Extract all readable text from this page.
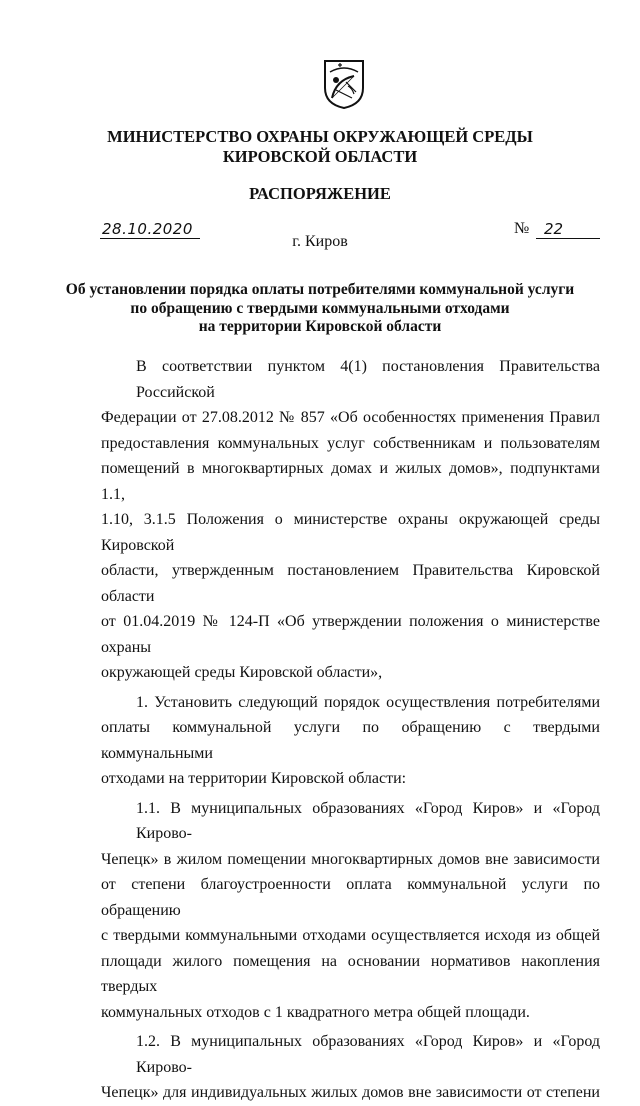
МИНИСТЕРСТВО ОХРАНЫ ОКРУЖАЮЩЕЙ СРЕДЫ
КИРОВСКОЙ ОБЛАСТИ
РАСПОРЯЖЕНИЕ
28.10.2020	№ 22
г. Киров
Об установлении порядка оплаты потребителями коммунальной услуги
по обращению с твердыми коммунальными отходами
на территории Кировской области
В соответствии пунктом 4(1) постановления Правительства Российской
Федерации от 27.08.2012 № 857 «Об особенностях применения Правил
предоставления коммунальных услуг собственникам и пользователям
помещений в многоквартирных домах и жилых домов», подпунктами 1.1,
1.10, 3.1.5 Положения о министерстве охраны окружающей среды Кировской
области, утвержденным постановлением Правительства Кировской области
от 01.04.2019 № 124-П «Об утверждении положения о министерстве охраны
окружающей среды Кировской области»,
1. Установить следующий порядок осуществления потребителями
оплаты коммунальной услуги по обращению с твердыми коммунальными
отходами на территории Кировской области:
1.1. В муниципальных образованиях «Город Киров» и «Город Кирово-
Чепецк» в жилом помещении многоквартирных домов вне зависимости
от степени благоустроенности оплата коммунальной услуги по обращению
с твердыми коммунальными отходами осуществляется исходя из общей
площади жилого помещения на основании нормативов накопления твердых
коммунальных отходов с 1 квадратного метра общей площади.
1.2. В муниципальных образованиях «Город Киров» и «Город Кирово-
Чепецк» для индивидуальных жилых домов вне зависимости от степени
